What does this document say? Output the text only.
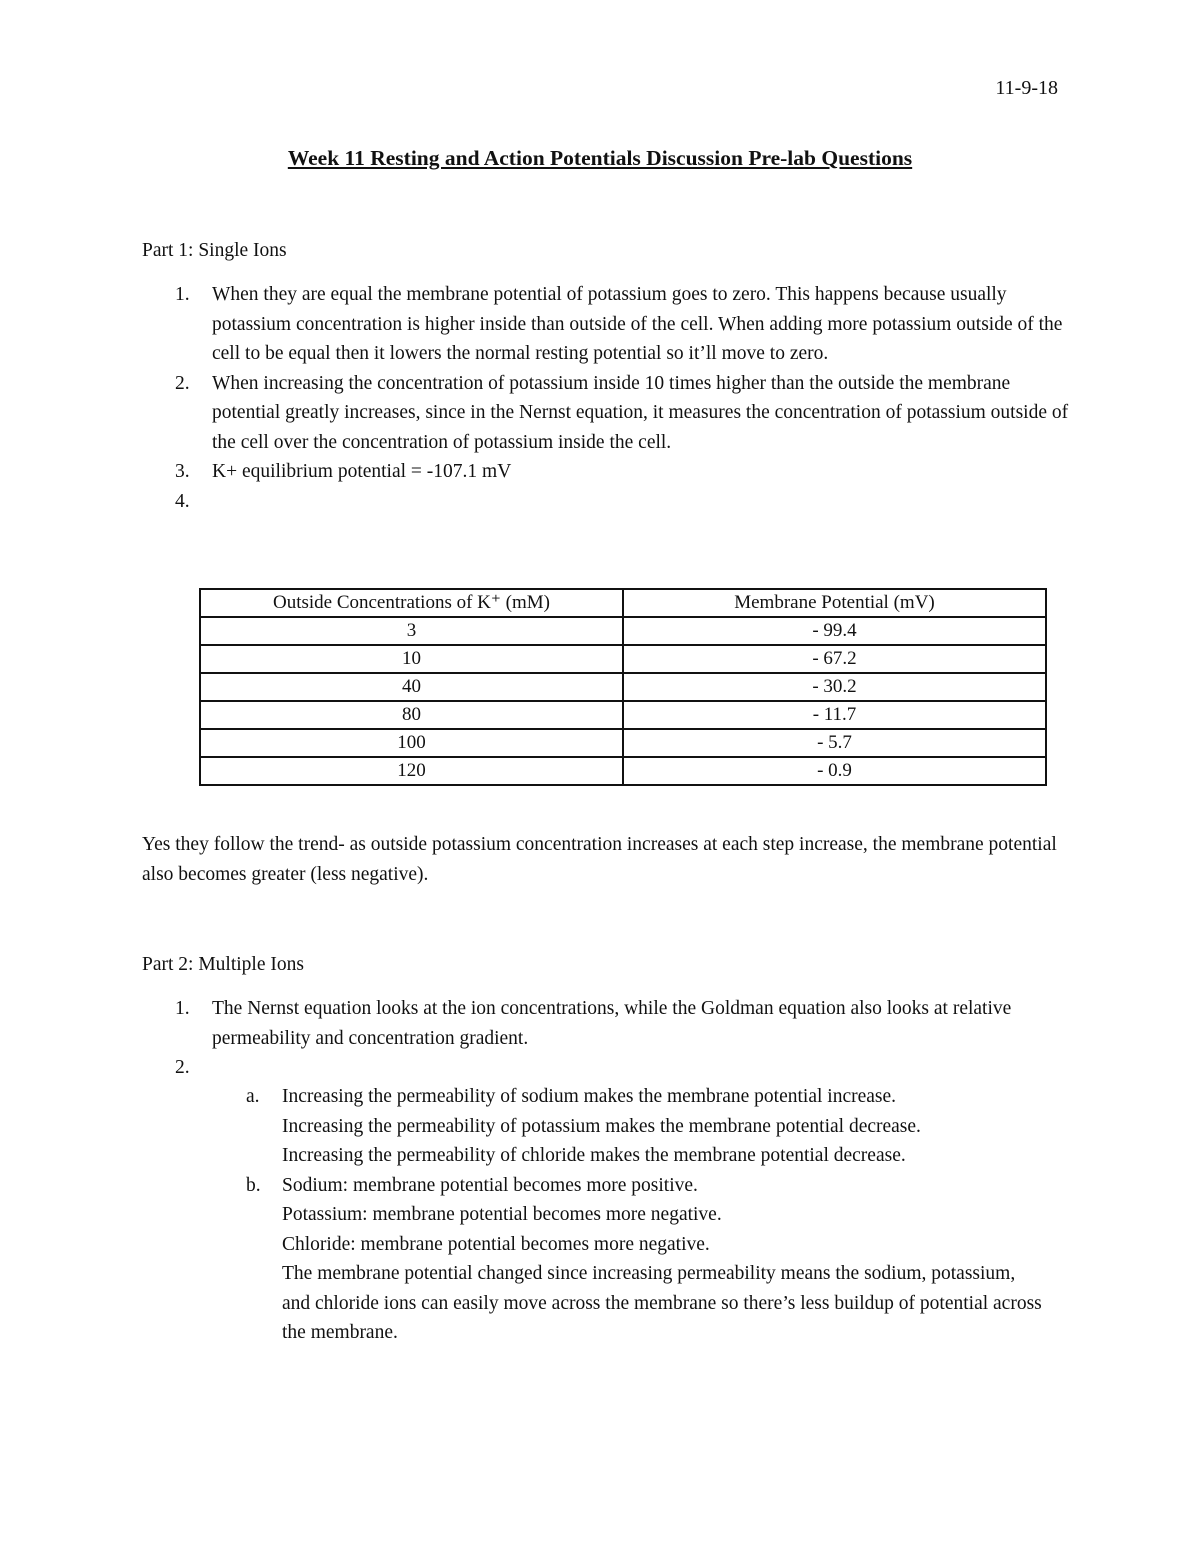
11-9-18
Week 11 Resting and Action Potentials Discussion Pre-lab Questions
Part 1: Single Ions
1. When they are equal the membrane potential of potassium goes to zero. This happens because usually potassium concentration is higher inside than outside of the cell. When adding more potassium outside of the cell to be equal then it lowers the normal resting potential so it’ll move to zero.
2. When increasing the concentration of potassium inside 10 times higher than the outside the membrane potential greatly increases, since in the Nernst equation, it measures the concentration of potassium outside of the cell over the concentration of potassium inside the cell.
3. K+ equilibrium potential = -107.1 mV
4.

Outside Concentrations of K⁺ (mM)	Membrane Potential (mV)
3	- 99.4
10	- 67.2
40	- 30.2
80	- 11.7
100	- 5.7
120	- 0.9
Yes they follow the trend- as outside potassium concentration increases at each step increase, the membrane potential also becomes greater (less negative).
Part 2: Multiple Ions
1. The Nernst equation looks at the ion concentrations, while the Goldman equation also looks at relative permeability and concentration gradient.
2.

a. Increasing the permeability of sodium makes the membrane potential increase.
Increasing the permeability of potassium makes the membrane potential decrease.
Increasing the permeability of chloride makes the membrane potential decrease.
b. Sodium: membrane potential becomes more positive.
Potassium: membrane potential becomes more negative.
Chloride: membrane potential becomes more negative.
The membrane potential changed since increasing permeability means the sodium, potassium, and chloride ions can easily move across the membrane so there’s less buildup of potential across the membrane.
